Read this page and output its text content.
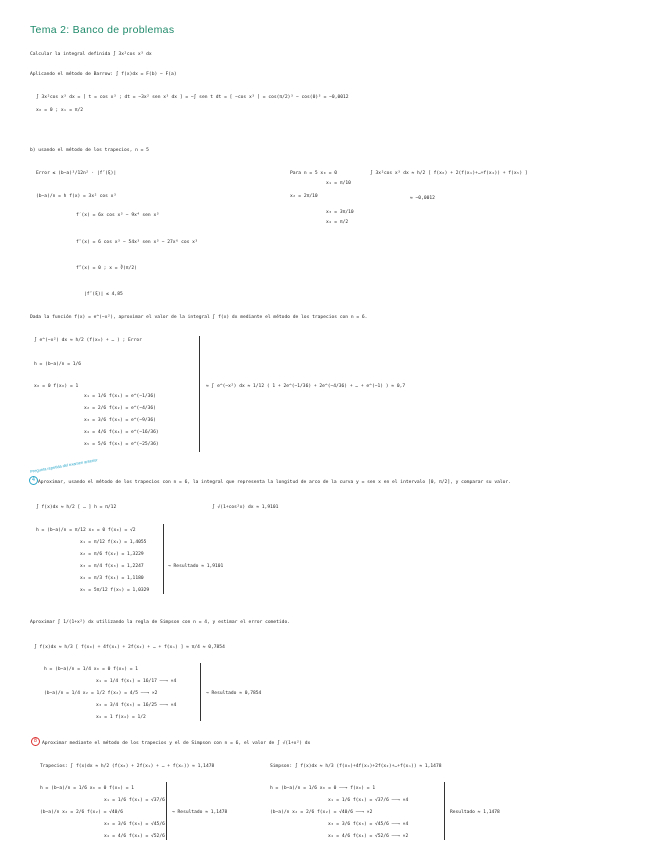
Tema 2: Banco de problemas
Calcular la integral definida ∫ 3x²cos x³ dx
Aplicando el método de Barrow: ∫ f(x)dx = F(b) − F(a)
∫ 3x²cos x³ dx = [ t = cos x³ ; dt = −3x² sen x³ dx ] = −∫ sen t dt = [ −cos x³ ] = cos(π/2)³ − cos(0)³ = −0,0012
x₀ = 0 ; x₁ = π/2
b) usando el método de los trapecios, n = 5
Error ≤ (b−a)³/12n² · |f″(ξ)|
(b−a)/n = h f(x) = 3x² cos x³
f′(x) = 6x cos x³ − 9x⁴ sen x³
f″(x) = 6 cos x³ − 54x³ sen x³ − 27x⁶ cos x³
f‴(x) = 0 ; x = ∛(π/2)
|f″(ξ)| ≤ 4,85
Para n = 5 x₀ = 0
x₁ = π/10
x₂ = 2π/10
x₃ = 3π/10
x₄ = π/2
∫ 3x²cos x³ dx ≈ h/2 [ f(x₀) + 2(f(x₁)+…+f(x₄)) + f(x₅) ]
≈ −0,0012
Dada la función f(x) = e^(−x²), aproximar el valor de la integral ∫ f(x) dx mediante el método de los trapecios con n = 6.
∫ e^(−x²) dx ≈ h/2 (f(x₀) + … ) ; Error
h = (b−a)/n = 1/6
x₀ = 0 f(x₀) = 1
x₁ = 1/6 f(x₁) = e^(−1/36)
x₂ = 2/6 f(x₂) = e^(−4/36)
x₃ = 3/6 f(x₃) = e^(−9/36)
x₄ = 4/6 f(x₄) = e^(−16/36)
x₅ = 5/6 f(x₅) = e^(−25/36)
≈ ∫ e^(−x²) dx ≈ 1/12 ( 1 + 2e^(−1/36) + 2e^(−4/36) + … + e^(−1) ) ≈ 0,7
Aproximar, usando el método de los trapecios con n = 6, la integral que representa la longitud de arco de la curva y = sen x en el intervalo [0, π/2], y comparar su valor.
∫ f(x)dx ≈ h/2 [ … ] h = π/12	∫ √(1+cos²x) dx ≈ 1,9101
h = (b−a)/n = π/12 x₀ = 0 f(x₀) = √2
x₁ = π/12 f(x₁) = 1,4055
x₂ = π/6 f(x₂) = 1,3229
x₃ = π/4 f(x₃) = 1,2247
x₄ = π/3 f(x₄) = 1,1180
x₅ = 5π/12 f(x₅) = 1,0329
→ Resultado ≈ 1,9101
Aproximar ∫ 1/(1+x²) dx utilizando la regla de Simpson con n = 4, y estimar el error cometido.
∫ f(x)dx ≈ h/3 [ f(x₀) + 4f(x₁) + 2f(x₂) + … + f(xₙ) ] ≈ π/4 ≈ 0,7854
h = (b−a)/n = 1/4 x₀ = 0 f(x₀) = 1
x₁ = 1/4 f(x₁) = 16/17 ——→ ×4
(b−a)/n = 1/4 x₂ = 1/2 f(x₂) = 4/5 ——→ ×2
x₃ = 3/4 f(x₃) = 16/25 ——→ ×4
x₄ = 1 f(x₄) = 1/2
→ Resultado ≈ 0,7854
Aproximar mediante el método de los trapecios y el de Simpson con n = 6, el valor de ∫ √(1+x²) dx
Trapecios: ∫ f(x)dx ≈ h/2 (f(x₀) + 2f(x₁) + … + f(xₙ)) ≈ 1,1478	Simpson: ∫ f(x)dx ≈ h/3 (f(x₀)+4f(x₁)+2f(x₂)+…+f(xₙ)) ≈ 1,1478
h = (b−a)/n = 1/6 x₀ = 0 f(x₀) = 1
x₁ = 1/6 f(x₁) = √37/6
(b−a)/n x₂ = 2/6 f(x₂) = √40/6
x₃ = 3/6 f(x₃) = √45/6
x₄ = 4/6 f(x₄) = √52/6
→ Resultado ≈ 1,1478
h = (b−a)/n = 1/6 x₀ = 0 ——→ f(x₀) = 1
x₁ = 1/6 f(x₁) = √37/6 ——→ ×4
(b−a)/n x₂ = 2/6 f(x₂) = √40/6 ——→ ×2
x₃ = 3/6 f(x₃) = √45/6 ——→ ×4
x₄ = 4/6 f(x₄) = √52/6 ——→ ×2
Resultado ≈ 1,1478
Pregunta repetida del examen anterior
4
8
